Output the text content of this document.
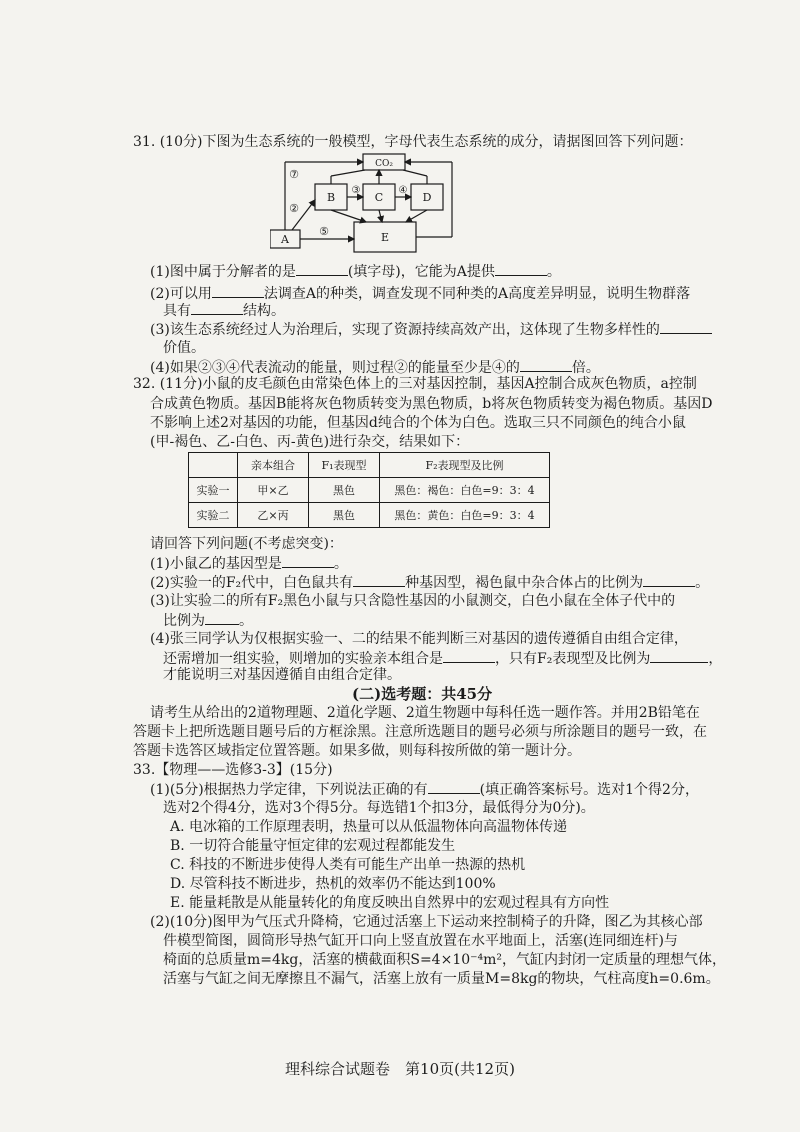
31. (10分)下图为生态系统的一般模型，字母代表生态系统的成分，请据图回答下列问题：
CO₂
A
B	C	D
E
⑦
②
③	④
⑤
(1)图中属于分解者的是	(填字母)，它能为A提供	。
(2)可以用	法调查A的种类，调查发现不同种类的A高度差异明显，说明生物群落
具有	结构。
(3)该生态系统经过人为治理后，实现了资源持续高效产出，这体现了生物多样性的
价值。
(4)如果②③④代表流动的能量，则过程②的能量至少是④的	倍。
32. (11分)小鼠的皮毛颜色由常染色体上的三对基因控制，基因A控制合成灰色物质，a控制
合成黄色物质。基因B能将灰色物质转变为黑色物质，b将灰色物质转变为褐色物质。基因D
不影响上述2对基因的功能，但基因d纯合的个体为白色。选取三只不同颜色的纯合小鼠
(甲-褐色、乙-白色、丙-黄色)进行杂交，结果如下：
	亲本组合	F₁表现型	F₂表现型及比例
实验一	甲×乙	黑色	黑色：褐色：白色=9：3：4
实验二	乙×丙	黑色	黑色：黄色：白色=9：3：4
请回答下列问题(不考虑突变)：
(1)小鼠乙的基因型是	。
(2)实验一的F₂代中，白色鼠共有	种基因型，褐色鼠中杂合体占的比例为	。
(3)让实验二的所有F₂黑色小鼠与只含隐性基因的小鼠测交，白色小鼠在全体子代中的
比例为 。
(4)张三同学认为仅根据实验一、二的结果不能判断三对基因的遗传遵循自由组合定律，
还需增加一组实验，则增加的实验亲本组合是	，只有F₂表现型及比例为	，
才能说明三对基因遵循自由组合定律。
(二)选考题：共45分
请考生从给出的2道物理题、2道化学题、2道生物题中每科任选一题作答。并用2B铅笔在
答题卡上把所选题目题号后的方框涂黑。注意所选题目的题号必须与所涂题目的题号一致，在
答题卡选答区域指定位置答题。如果多做，则每科按所做的第一题计分。
33.【物理——选修3-3】(15分)
(1)(5分)根据热力学定律，下列说法正确的有	(填正确答案标号。选对1个得2分，
选对2个得4分，选对3个得5分。每选错1个扣3分，最低得分为0分)。
A. 电冰箱的工作原理表明，热量可以从低温物体向高温物体传递
B. 一切符合能量守恒定律的宏观过程都能发生
C. 科技的不断进步使得人类有可能生产出单一热源的热机
D. 尽管科技不断进步，热机的效率仍不能达到100%
E. 能量耗散是从能量转化的角度反映出自然界中的宏观过程具有方向性
(2)(10分)图甲为气压式升降椅，它通过活塞上下运动来控制椅子的升降，图乙为其核心部
件模型简图，圆筒形导热气缸开口向上竖直放置在水平地面上，活塞(连同细连杆)与
椅面的总质量m=4kg，活塞的横截面积S=4×10⁻⁴m²，气缸内封闭一定质量的理想气体，
活塞与气缸之间无摩擦且不漏气，活塞上放有一质量M=8kg的物块，气柱高度h=0.6m。
理科综合试题卷　第10页(共12页)
